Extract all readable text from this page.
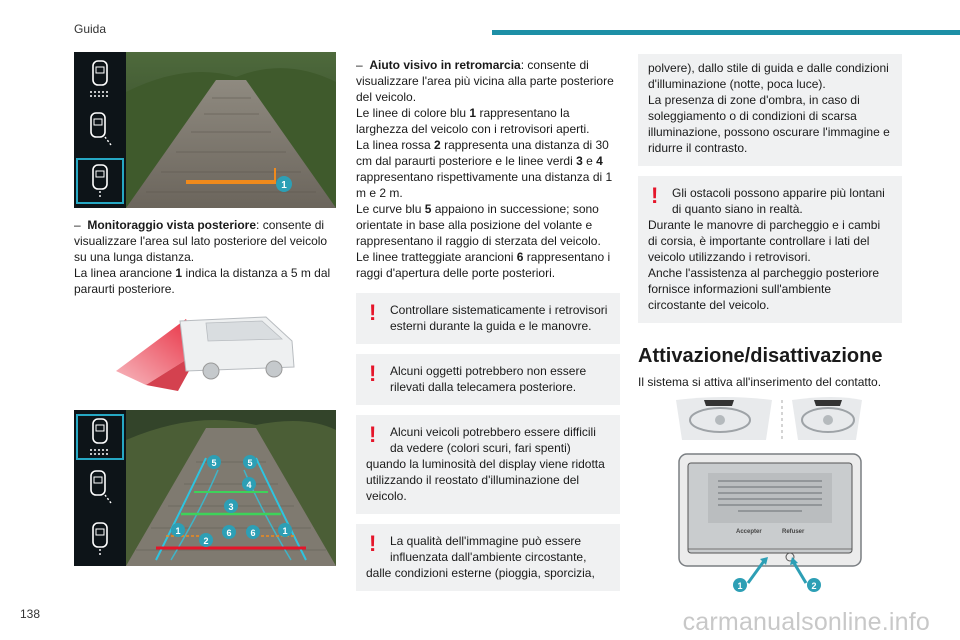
Guida
1
–  Monitoraggio vista posteriore: consente di visualizzare l'area sul lato posteriore del veicolo su una lunga distanza.
La linea arancione 1 indica la distanza a 5 m dal paraurti posteriore.
1
2
3
4
5	5
6 6	1
–  Aiuto visivo in retromarcia: consente di visualizzare l'area più vicina alla parte posteriore del veicolo.
Le linee di colore blu 1 rappresentano la larghezza del veicolo con i retrovisori aperti.
La linea rossa 2 rappresenta una distanza di 30 cm dal paraurti posteriore e le linee verdi 3 e 4 rappresentano rispettivamente una distanza di 1 m e 2 m.
Le curve blu 5 appaiono in successione; sono orientate in base alla posizione del volante e rappresentano il raggio di sterzata del veicolo.
Le linee tratteggiate arancioni 6 rappresentano i raggi d'apertura delle porte posteriori.
! Controllare sistematicamente i retrovisori esterni durante la guida e le manovre.
! Alcuni oggetti potrebbero non essere rilevati dalla telecamera posteriore.
!	Alcuni veicoli potrebbero essere difficili da vedere (colori scuri, fari spenti)
quando la luminosità del display viene ridotta utilizzando il reostato d'illuminazione del veicolo.
!	La qualità dell'immagine può essere influenzata dall'ambiente circostante,
dalle condizioni esterne (pioggia, sporcizia,
polvere), dallo stile di guida e dalle condizioni d'illuminazione (notte, poca luce).
La presenza di zone d'ombra, in caso di soleggiamento o di condizioni di scarsa illuminazione, possono oscurare l'immagine e ridurre il contrasto.
!	Gli ostacoli possono apparire più lontani di quanto siano in realtà.
Durante le manovre di parcheggio e i cambi di corsia, è importante controllare i lati del veicolo utilizzando i retrovisori.
Anche l'assistenza al parcheggio posteriore fornisce informazioni sull'ambiente circostante del veicolo.
Attivazione/disattivazione
Il sistema si attiva all'inserimento del contatto.
Accepter	Refuser
1	2
138	carmanualsonline.info
